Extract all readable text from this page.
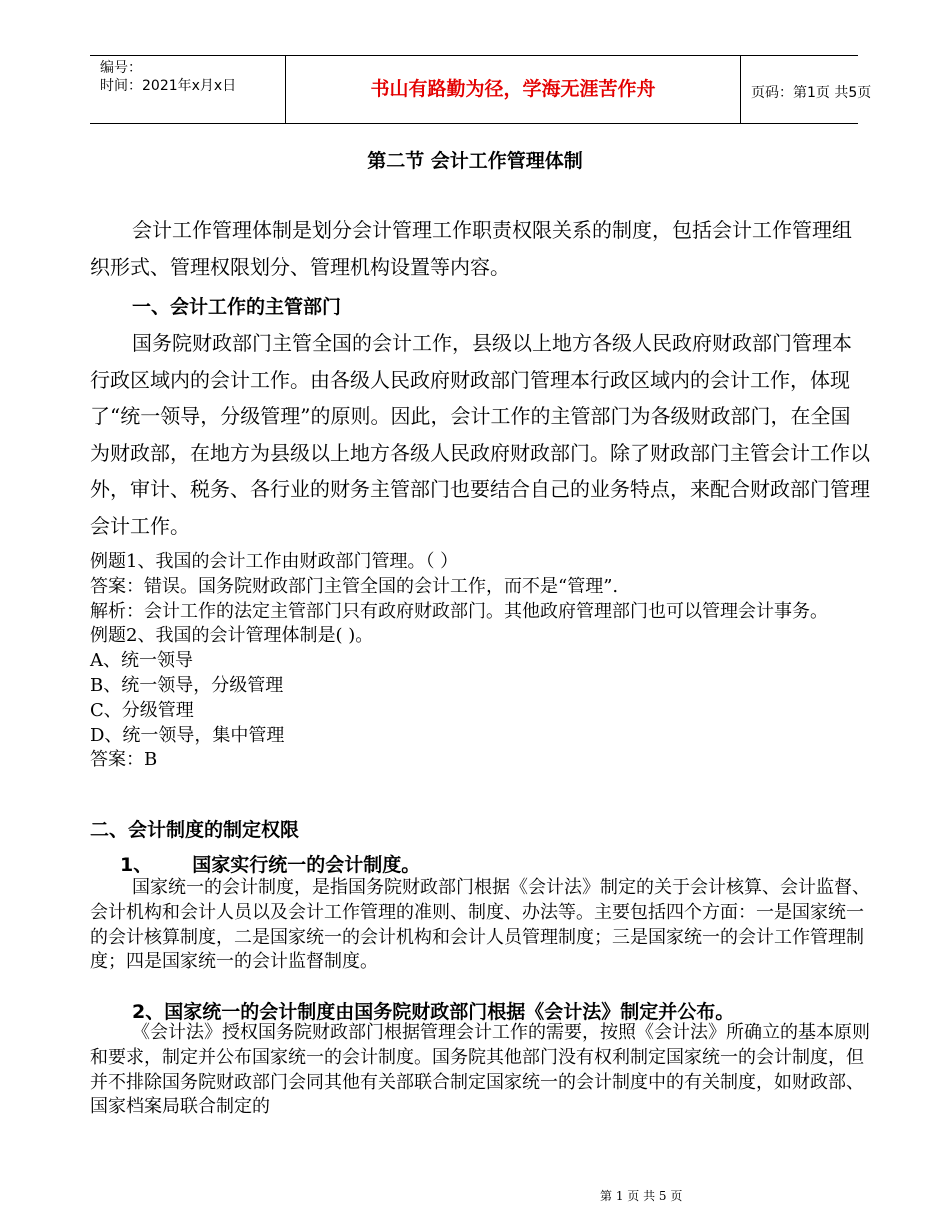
编号：
时间：2021年x月x日	书山有路勤为径，学海无涯苦作舟	页码：第1页 共5页
第二节 会计工作管理体制

会计工作管理体制是划分会计管理工作职责权限关系的制度，包括会计工作管理组织形式、管理权限划分、管理机构设置等内容。

一、会计工作的主管部门

国务院财政部门主管全国的会计工作，县级以上地方各级人民政府财政部门管理本行政区域内的会计工作。由各级人民政府财政部门管理本行政区域内的会计工作，体现了“统一领导，分级管理”的原则。因此，会计工作的主管部门为各级财政部门，在全国为财政部，在地方为县级以上地方各级人民政府财政部门。除了财政部门主管会计工作以外，审计、税务、各行业的财务主管部门也要结合自己的业务特点，来配合财政部门管理会计工作。

例题1、我国的会计工作由财政部门管理。（ ）

答案：错误。国务院财政部门主管全国的会计工作，而不是“管理”.

解析：会计工作的法定主管部门只有政府财政部门。其他政府管理部门也可以管理会计事务。

例题2、我国的会计管理体制是( )。

A、统一领导

B、统一领导，分级管理

C、分级管理

D、统一领导，集中管理

答案：B

二、会计制度的制定权限
1、 国家实行统一的会计制度。

国家统一的会计制度，是指国务院财政部门根据《会计法》制定的关于会计核算、会计监督、会计机构和会计人员以及会计工作管理的准则、制度、办法等。主要包括四个方面：一是国家统一的会计核算制度，二是国家统一的会计机构和会计人员管理制度；三是国家统一的会计工作管理制度；四是国家统一的会计监督制度。

2、国家统一的会计制度由国务院财政部门根据《会计法》制定并公布。

《会计法》授权国务院财政部门根据管理会计工作的需要，按照《会计法》所确立的基本原则和要求，制定并公布国家统一的会计制度。国务院其他部门没有权利制定国家统一的会计制度，但并不排除国务院财政部门会同其他有关部联合制定国家统一的会计制度中的有关制度，如财政部、国家档案局联合制定的

第 1 页 共 5 页
